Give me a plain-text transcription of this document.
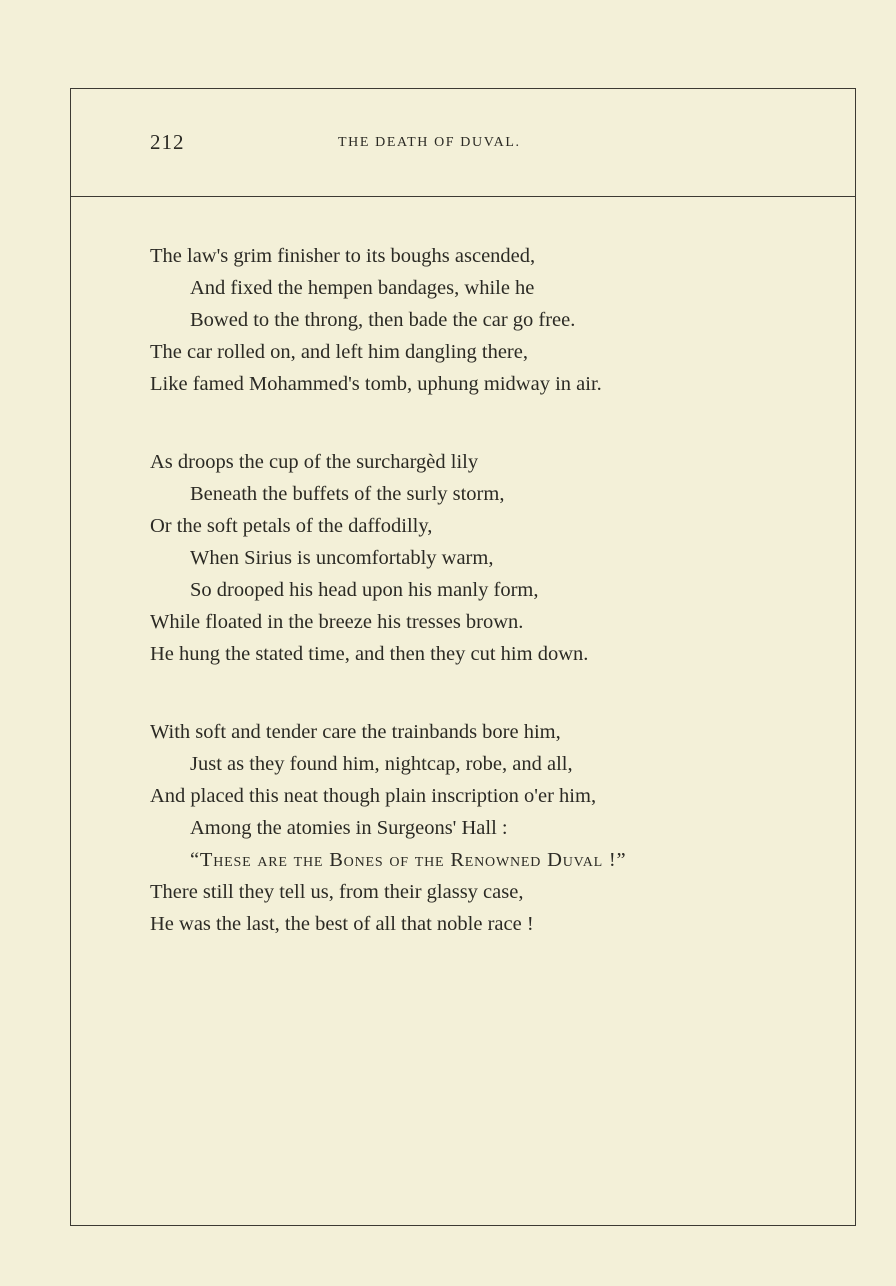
212	THE DEATH OF DUVAL.

The law's grim finisher to its boughs ascended,
And fixed the hempen bandages, while he
Bowed to the throng, then bade the car go free.
The car rolled on, and left him dangling there,
Like famed Mohammed's tomb, uphung midway in air.
As droops the cup of the surchargèd lily
Beneath the buffets of the surly storm,
Or the soft petals of the daffodilly,
When Sirius is uncomfortably warm,
So drooped his head upon his manly form,
While floated in the breeze his tresses brown.
He hung the stated time, and then they cut him down.
With soft and tender care the trainbands bore him,
Just as they found him, nightcap, robe, and all,
And placed this neat though plain inscription o'er him,
Among the atomies in Surgeons' Hall :
“These are the Bones of the Renowned Duval !”
There still they tell us, from their glassy case,
He was the last, the best of all that noble race !
